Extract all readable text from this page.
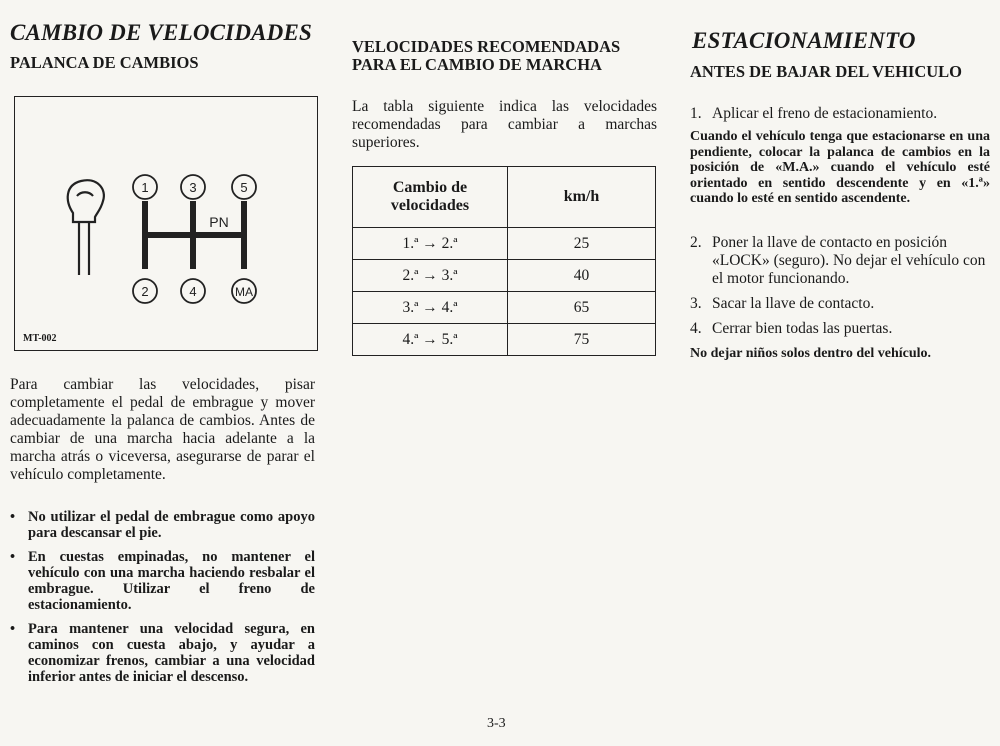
CAMBIO DE VELOCIDADES
PALANCA DE CAMBIOS
1	3	5
2	4	MA
PN
MT-002

Para cambiar las velocidades, pisar completamente el pedal de embrague y mover adecuadamente la palanca de cambios. Antes de cambiar de una marcha hacia adelante a la marcha atrás o viceversa, asegurarse de parar el vehículo completamente.

• No utilizar el pedal de embrague como apoyo para descansar el pie.
• En cuestas empinadas, no mantener el vehículo con una marcha haciendo resbalar el embrague. Utilizar el freno de estacionamiento.
• Para mantener una velocidad segura, en caminos con cuesta abajo, y ayudar a economizar frenos, cambiar a una velocidad inferior antes de iniciar el descenso.
VELOCIDADES RECOMENDADAS PARA EL CAMBIO DE MARCHA

La tabla siguiente indica las velocidades recomendadas para cambiar a marchas superiores.

Cambio de velocidades	km/h
1.ª → 2.ª	25
2.ª → 3.ª	40
3.ª → 4.ª	65
4.ª → 5.ª	75
ESTACIONAMIENTO
ANTES DE BAJAR DEL VEHICULO
1. Aplicar el freno de estacionamiento.

Cuando el vehículo tenga que estacionarse en una pendiente, colocar la palanca de cambios en la posición de «M.A.» cuando el vehículo esté orientado en sentido descendente y en «1.ª» cuando lo esté en sentido ascendente.

2. Poner la llave de contacto en posición «LOCK» (seguro). No dejar el vehículo con el motor funcionando.
3. Sacar la llave de contacto.
4. Cerrar bien todas las puertas.

No dejar niños solos dentro del vehículo.

3-3
